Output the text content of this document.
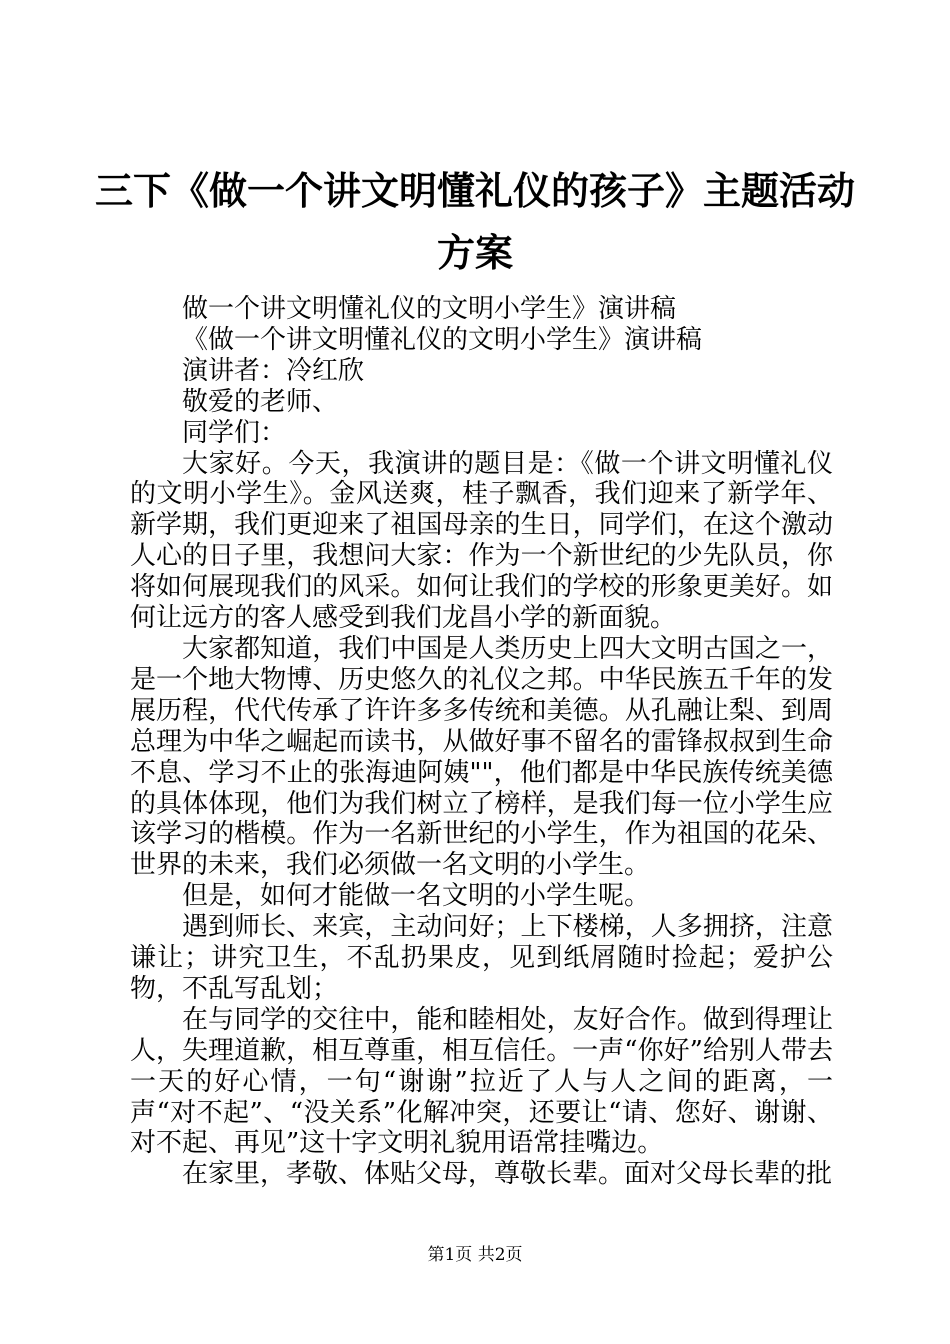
三下《做一个讲文明懂礼仪的孩子》主题活动方案

做一个讲文明懂礼仪的文明小学生》演讲稿

《做一个讲文明懂礼仪的文明小学生》演讲稿

演讲者：冷红欣

敬爱的老师、

同学们：

大家好。今天，我演讲的题目是：《做一个讲文明懂礼仪的文明小学生》。金风送爽，桂子飘香，我们迎来了新学年、新学期，我们更迎来了祖国母亲的生日，同学们，在这个激动人心的日子里，我想问大家：作为一个新世纪的少先队员，你将如何展现我们的风采。如何让我们的学校的形象更美好。如何让远方的客人感受到我们龙昌小学的新面貌。

大家都知道，我们中国是人类历史上四大文明古国之一，是一个地大物博、历史悠久的礼仪之邦。中华民族五千年的发展历程，代代传承了许许多多传统和美德。从孔融让梨、到周总理为中华之崛起而读书，从做好事不留名的雷锋叔叔到生命不息、学习不止的张海迪阿姨""，他们都是中华民族传统美德的具体体现，他们为我们树立了榜样，是我们每一位小学生应该学习的楷模。作为一名新世纪的小学生，作为祖国的花朵、世界的未来，我们必须做一名文明的小学生。

但是，如何才能做一名文明的小学生呢。

遇到师长、来宾，主动问好；上下楼梯，人多拥挤，注意谦让；讲究卫生，不乱扔果皮，见到纸屑随时捡起；爱护公物，不乱写乱划；

在与同学的交往中，能和睦相处，友好合作。做到得理让人，失理道歉，相互尊重，相互信任。一声“你好”给别人带去一天的好心情，一句“谢谢”拉近了人与人之间的距离，一声“对不起”、“没关系”化解冲突，还要让“请、您好、谢谢、对不起、再见”这十字文明礼貌用语常挂嘴边。

在家里，孝敬、体贴父母，尊敬长辈。面对父母长辈的批

第1页 共2页
